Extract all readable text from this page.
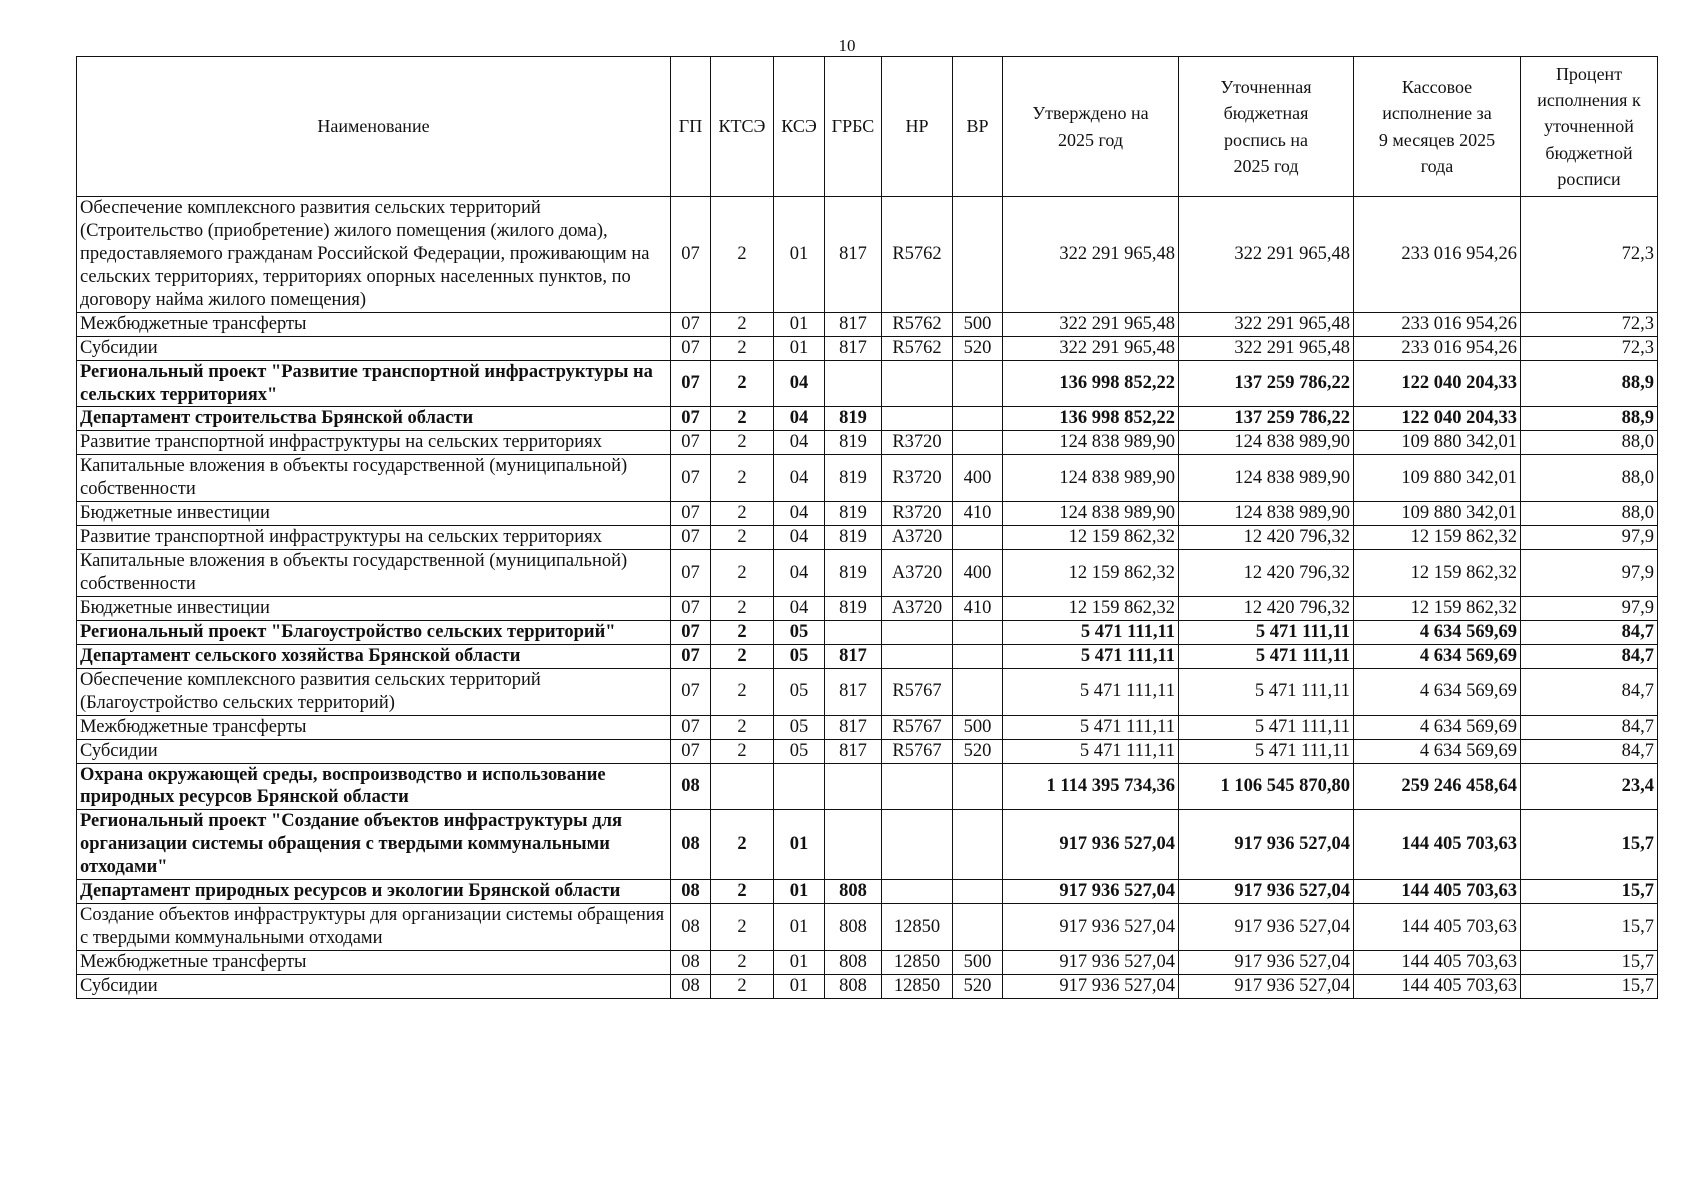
10
Наименование	ГП	КТСЭ	КСЭ	ГРБС	НР	ВР	Утверждено на 2025 год	Уточненная бюджетная роспись на 2025 год	Кассовое исполнение за 9 месяцев 2025 года	Процент исполнения к уточненной бюджетной росписи
Обеспечение комплексного развития сельских территорий (Строительство (приобретение) жилого помещения (жилого дома), предоставляемого гражданам Российской Федерации, проживающим на сельских территориях, территориях опорных населенных пунктов, по договору найма жилого помещения)	07	2	01	817	R5762		322 291 965,48	322 291 965,48	233 016 954,26	72,3
Межбюджетные трансферты	07	2	01	817	R5762	500	322 291 965,48	322 291 965,48	233 016 954,26	72,3
Субсидии	07	2	01	817	R5762	520	322 291 965,48	322 291 965,48	233 016 954,26	72,3
Региональный проект "Развитие транспортной инфраструктуры на сельских территориях"	07	2	04				136 998 852,22	137 259 786,22	122 040 204,33	88,9
Департамент строительства Брянской области	07	2	04	819			136 998 852,22	137 259 786,22	122 040 204,33	88,9
Развитие транспортной инфраструктуры на сельских территориях	07	2	04	819	R3720		124 838 989,90	124 838 989,90	109 880 342,01	88,0
Капитальные вложения в объекты государственной (муниципальной) собственности	07	2	04	819	R3720	400	124 838 989,90	124 838 989,90	109 880 342,01	88,0
Бюджетные инвестиции	07	2	04	819	R3720	410	124 838 989,90	124 838 989,90	109 880 342,01	88,0
Развитие транспортной инфраструктуры на сельских территориях	07	2	04	819	А3720		12 159 862,32	12 420 796,32	12 159 862,32	97,9
Капитальные вложения в объекты государственной (муниципальной) собственности	07	2	04	819	А3720	400	12 159 862,32	12 420 796,32	12 159 862,32	97,9
Бюджетные инвестиции	07	2	04	819	А3720	410	12 159 862,32	12 420 796,32	12 159 862,32	97,9
Региональный проект "Благоустройство сельских территорий"	07	2	05				5 471 111,11	5 471 111,11	4 634 569,69	84,7
Департамент сельского хозяйства Брянской области	07	2	05	817			5 471 111,11	5 471 111,11	4 634 569,69	84,7
Обеспечение комплексного развития сельских территорий (Благоустройство сельских территорий)	07	2	05	817	R5767		5 471 111,11	5 471 111,11	4 634 569,69	84,7
Межбюджетные трансферты	07	2	05	817	R5767	500	5 471 111,11	5 471 111,11	4 634 569,69	84,7
Субсидии	07	2	05	817	R5767	520	5 471 111,11	5 471 111,11	4 634 569,69	84,7
Охрана окружающей среды, воспроизводство и использование природных ресурсов Брянской области	08						1 114 395 734,36	1 106 545 870,80	259 246 458,64	23,4
Региональный проект "Создание объектов инфраструктуры для организации системы обращения с твердыми коммунальными отходами"	08	2	01				917 936 527,04	917 936 527,04	144 405 703,63	15,7
Департамент природных ресурсов и экологии Брянской области	08	2	01	808			917 936 527,04	917 936 527,04	144 405 703,63	15,7
Создание объектов инфраструктуры для организации системы обращения с твердыми коммунальными отходами	08	2	01	808	12850		917 936 527,04	917 936 527,04	144 405 703,63	15,7
Межбюджетные трансферты	08	2	01	808	12850	500	917 936 527,04	917 936 527,04	144 405 703,63	15,7
Субсидии	08	2	01	808	12850	520	917 936 527,04	917 936 527,04	144 405 703,63	15,7
